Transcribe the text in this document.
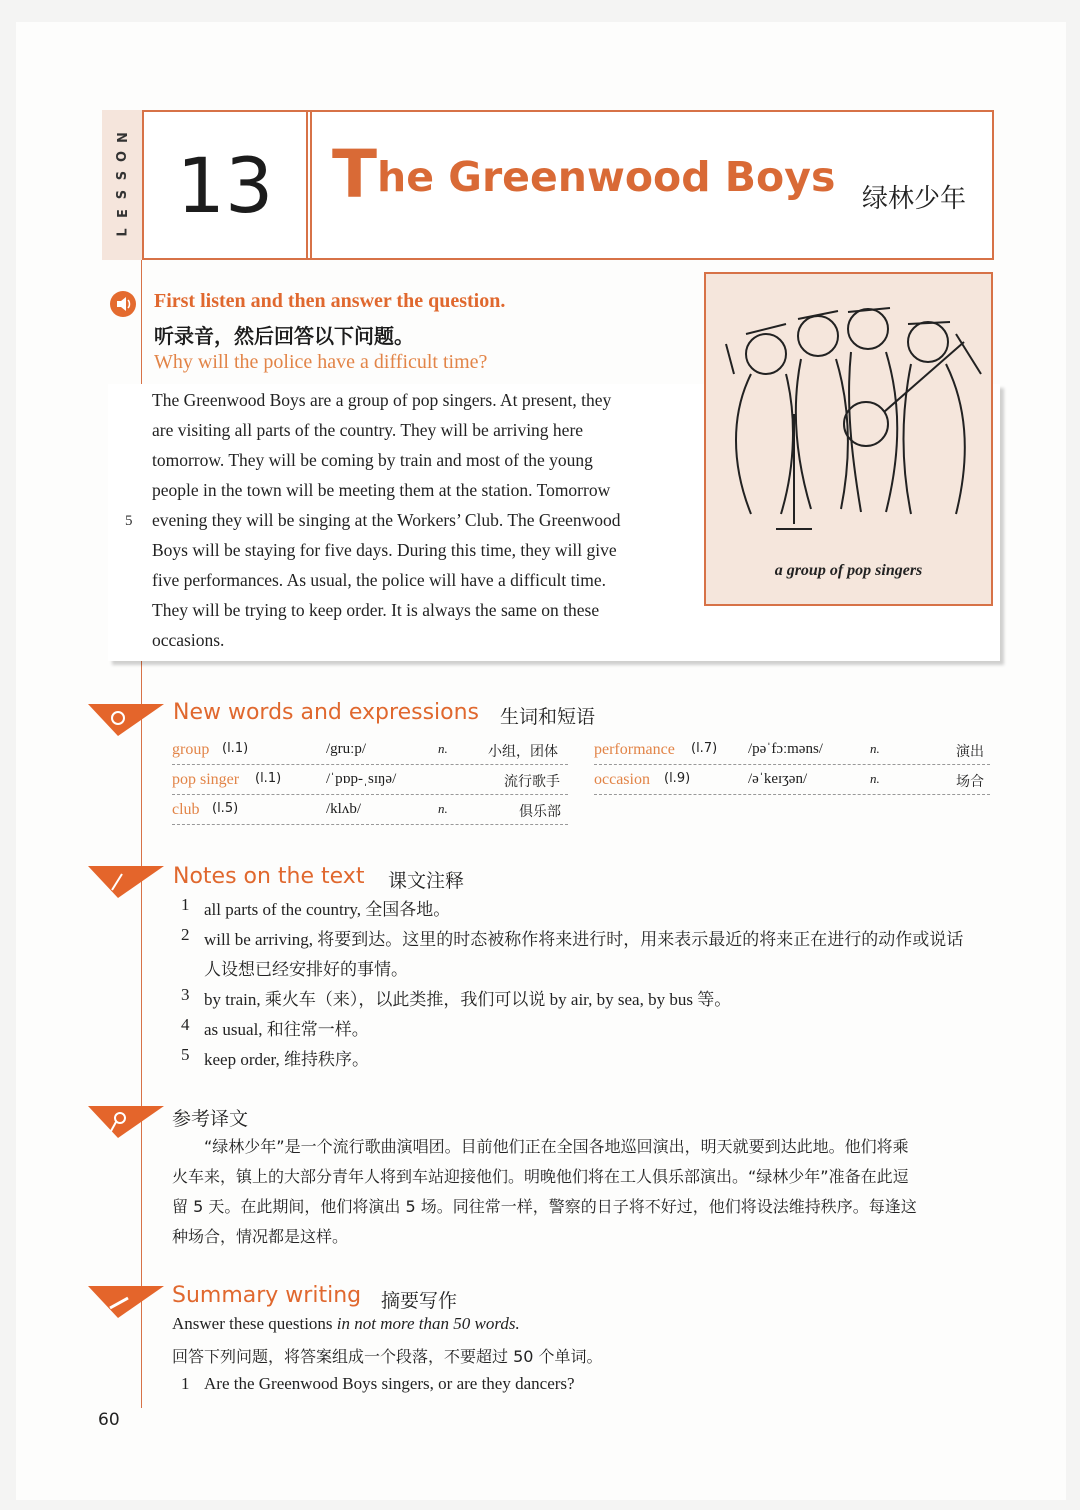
N
O
S
S
E
L
13 The Greenwood Boys 绿林少年
First listen and then answer the question.
听录音，然后回答以下问题。
Why will the police have a difficult time?
The Greenwood Boys are a group of pop singers. At present, they
are visiting all parts of the country. They will be arriving here
tomorrow. They will be coming by train and most of the young
people in the town will be meeting them at the station. Tomorrow
5 evening they will be singing at the Workers’ Club. The Greenwood
Boys will be staying for five days. During this time, they will give
five performances. As usual, the police will have a difficult time.
They will be trying to keep order. It is always the same on these
occasions.
a group of pop singers
New words and expressions 生词和短语
group (l.1)	/gruːp/	n.	小组，团体
pop singer (l.1)	/ˈpɒp-ˌsɪŋə/	流行歌手
club (l.5)	/klʌb/	n.	俱乐部
performance (l.7) /pəˈfɔːməns/	n.	演出
occasion (l.9)	/əˈkeɪʒən/	n.	场合
Notes on the text 课文注释
1 all parts of the country, 全国各地。
2 will be arriving, 将要到达。这里的时态被称作将来进行时，用来表示最近的将来正在进行的动作或说话
人设想已经安排好的事情。
3 by train, 乘火车（来），以此类推，我们可以说 by air, by sea, by bus 等。
4 as usual, 和往常一样。
5 keep order, 维持秩序。
参考译文
“绿林少年”是一个流行歌曲演唱团。目前他们正在全国各地巡回演出，明天就要到达此地。他们将乘
火车来，镇上的大部分青年人将到车站迎接他们。明晚他们将在工人俱乐部演出。“绿林少年”准备在此逗
留 5 天。在此期间，他们将演出 5 场。同往常一样，警察的日子将不好过，他们将设法维持秩序。每逢这
种场合，情况都是这样。
Summary writing 摘要写作
Answer these questions in not more than 50 words.
回答下列问题，将答案组成一个段落，不要超过 50 个单词。
1 Are the Greenwood Boys singers, or are they dancers?
60
